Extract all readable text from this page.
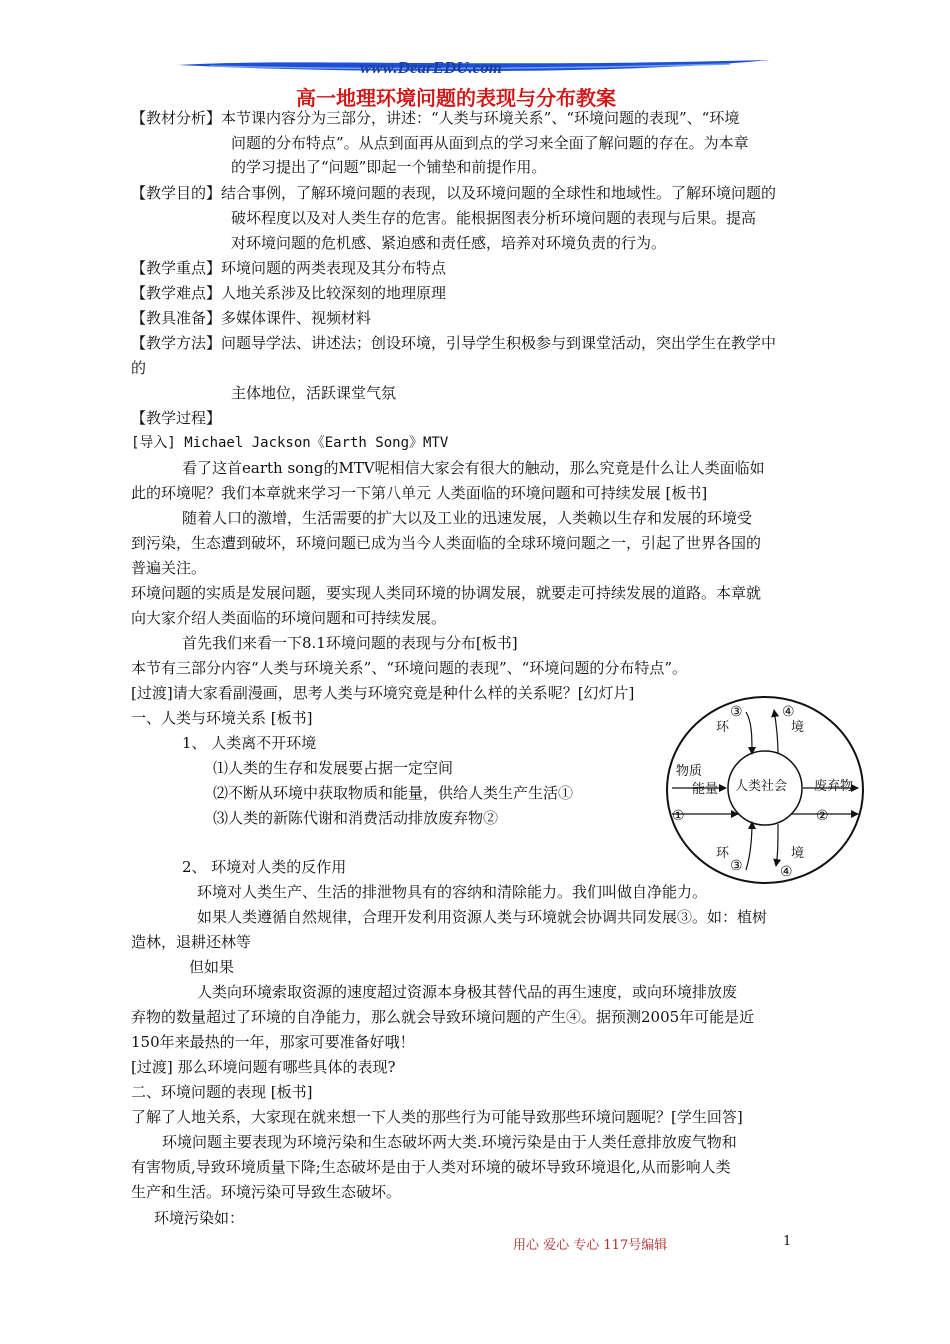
www.DearEDU.com
高一地理环境问题的表现与分布教案
【教材分析】本节课内容分为三部分，讲述：“人类与环境关系”、“环境问题的表现”、“环境
问题的分布特点”。从点到面再从面到点的学习来全面了解问题的存在。为本章
的学习提出了“问题”即起一个铺垫和前提作用。
【教学目的】结合事例，了解环境问题的表现，以及环境问题的全球性和地域性。了解环境问题的
破坏程度以及对人类生存的危害。能根据图表分析环境问题的表现与后果。提高
对环境问题的危机感、紧迫感和责任感，培养对环境负责的行为。
【教学重点】环境问题的两类表现及其分布特点
【教学难点】人地关系涉及比较深刻的地理原理
【教具准备】多媒体课件、视频材料
【教学方法】问题导学法、讲述法；创设环境，引导学生积极参与到课堂活动，突出学生在教学中
的
主体地位，活跃课堂气氛
【教学过程】
[导入] Michael Jackson《Earth Song》MTV
看了这首earth song的MTV呢相信大家会有很大的触动，那么究竟是什么让人类面临如
此的环境呢？我们本章就来学习一下第八单元 人类面临的环境问题和可持续发展 [板书]
随着人口的激增，生活需要的扩大以及工业的迅速发展，人类赖以生存和发展的环境受
到污染，生态遭到破坏，环境问题已成为当今人类面临的全球环境问题之一，引起了世界各国的
普遍关注。
环境问题的实质是发展问题，要实现人类同环境的协调发展，就要走可持续发展的道路。本章就
向大家介绍人类面临的环境问题和可持续发展。
首先我们来看一下8.1环境问题的表现与分布[板书]
本节有三部分内容“人类与环境关系”、“环境问题的表现”、“环境问题的分布特点”。
[过渡]请大家看副漫画，思考人类与环境究竟是种什么样的关系呢？[幻灯片]
一、人类与环境关系 [板书]
1、 人类离不开环境
⑴人类的生存和发展要占据一定空间
⑵不断从环境中获取物质和能量，供给人类生产生活①
⑶人类的新陈代谢和消费活动排放废弃物②
2、 环境对人类的反作用
环境对人类生产、生活的排泄物具有的容纳和清除能力。我们叫做自净能力。
如果人类遵循自然规律，合理开发利用资源人类与环境就会协调共同发展③。如：植树
造林，退耕还林等
但如果
人类向环境索取资源的速度超过资源本身极其替代品的再生速度，或向环境排放废
弃物的数量超过了环境的自净能力，那么就会导致环境问题的产生④。据预测2005年可能是近
150年来最热的一年，那家可要准备好哦！
[过渡] 那么环境问题有哪些具体的表现?
二、环境问题的表现 [板书]
了解了人地关系，大家现在就来想一下人类的那些行为可能导致那些环境问题呢？[学生回答]
环境问题主要表现为环境污染和生态破坏两大类.环境污染是由于人类任意排放废气物和
有害物质,导致环境质量下降;生态破坏是由于人类对环境的破坏导致环境退化,从而影响人类
生产和生活。环境污染可导致生态破坏。
环境污染如：
③	④
环	境
物质
能量 人类社会 废弃物
①	②
环	境
③	④
用心 爱心 专心 117号编辑	1
